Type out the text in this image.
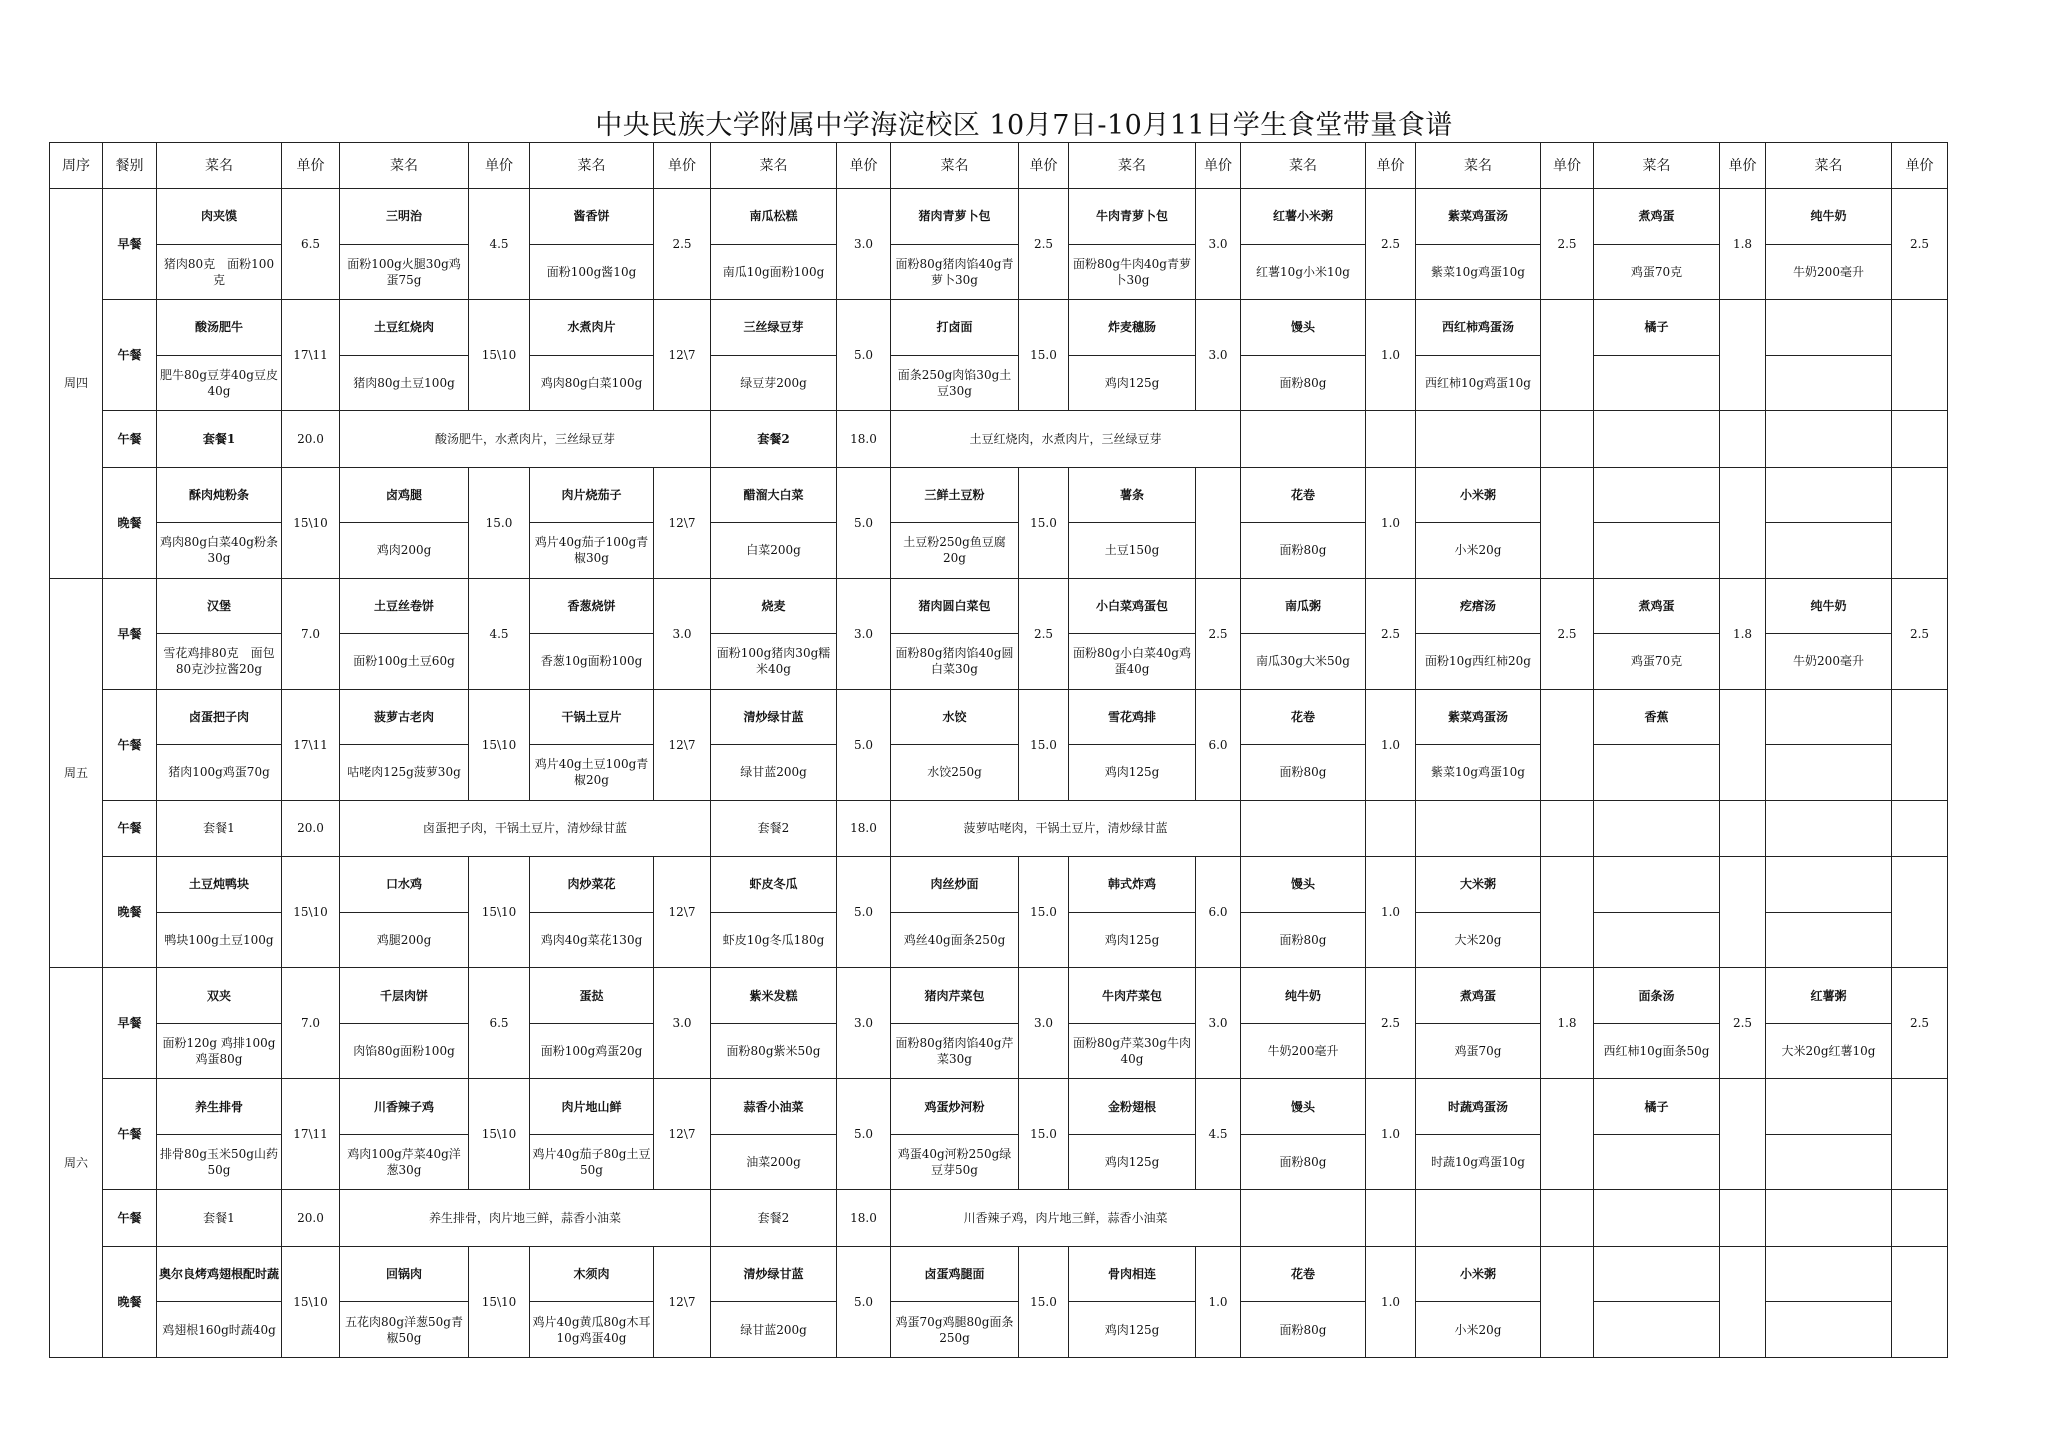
中央民族大学附属中学海淀校区 10月7日-10月11日学生食堂带量食谱
周序	餐别	菜名	单价	菜名	单价	菜名	单价	菜名	单价	菜名	单价	菜名	单价	菜名	单价	菜名	单价	菜名	单价	菜名	单价
周四	早餐	肉夹馍	6.5	三明治	4.5	酱香饼	2.5	南瓜松糕	3.0	猪肉青萝卜包	2.5	牛肉青萝卜包	3.0	红薯小米粥	2.5	紫菜鸡蛋汤	2.5	煮鸡蛋	1.8	纯牛奶	2.5
		猪肉80克　面粉100克		面粉100g火腿30g鸡蛋75g		面粉100g酱10g		南瓜10g面粉100g		面粉80g猪肉馅40g青萝卜30g		面粉80g牛肉40g青萝卜30g		红薯10g小米10g		紫菜10g鸡蛋10g		鸡蛋70克		牛奶200毫升	
	午餐	酸汤肥牛	17\11	土豆红烧肉	15\10	水煮肉片	12\7	三丝绿豆芽	5.0	打卤面	15.0	炸麦穗肠	3.0	馒头	1.0	西红柿鸡蛋汤		橘子			
		肥牛80g豆芽40g豆皮40g		猪肉80g土豆100g		鸡肉80g白菜100g		绿豆芽200g		面条250g肉馅30g土豆30g		鸡肉125g		面粉80g		西红柿10g鸡蛋10g					
	午餐	套餐1	20.0	酸汤肥牛，水煮肉片，三丝绿豆芽				套餐2	18.0	土豆红烧肉，水煮肉片，三丝绿豆芽											
	晚餐	酥肉炖粉条	15\10	卤鸡腿	15.0	肉片烧茄子	12\7	醋溜大白菜	5.0	三鲜土豆粉	15.0	薯条		花卷	1.0	小米粥					
		鸡肉80g白菜40g粉条30g		鸡肉200g		鸡片40g茄子100g青椒30g		白菜200g		土豆粉250g鱼豆腐20g		土豆150g		面粉80g		小米20g					
周五	早餐	汉堡	7.0	土豆丝卷饼	4.5	香葱烧饼	3.0	烧麦	3.0	猪肉圆白菜包	2.5	小白菜鸡蛋包	2.5	南瓜粥	2.5	疙瘩汤	2.5	煮鸡蛋	1.8	纯牛奶	2.5
		雪花鸡排80克　面包80克沙拉酱20g		面粉100g土豆60g		香葱10g面粉100g		面粉100g猪肉30g糯米40g		面粉80g猪肉馅40g圆白菜30g		面粉80g小白菜40g鸡蛋40g		南瓜30g大米50g		面粉10g西红柿20g		鸡蛋70克		牛奶200毫升	
	午餐	卤蛋把子肉	17\11	菠萝古老肉	15\10	干锅土豆片	12\7	清炒绿甘蓝	5.0	水饺	15.0	雪花鸡排	6.0	花卷	1.0	紫菜鸡蛋汤		香蕉			
		猪肉100g鸡蛋70g		咕咾肉125g菠萝30g		鸡片40g土豆100g青椒20g		绿甘蓝200g		水饺250g		鸡肉125g		面粉80g		紫菜10g鸡蛋10g					
	午餐	套餐1	20.0	卤蛋把子肉，干锅土豆片，清炒绿甘蓝				套餐2	18.0	菠萝咕咾肉，干锅土豆片，清炒绿甘蓝											
	晚餐	土豆炖鸭块	15\10	口水鸡	15\10	肉炒菜花	12\7	虾皮冬瓜	5.0	肉丝炒面	15.0	韩式炸鸡	6.0	馒头	1.0	大米粥					
		鸭块100g土豆100g		鸡腿200g		鸡肉40g菜花130g		虾皮10g冬瓜180g		鸡丝40g面条250g		鸡肉125g		面粉80g		大米20g					
周六	早餐	双夹	7.0	千层肉饼	6.5	蛋挞	3.0	紫米发糕	3.0	猪肉芹菜包	3.0	牛肉芹菜包	3.0	纯牛奶	2.5	煮鸡蛋	1.8	面条汤	2.5	红薯粥	2.5
		面粉120g 鸡排100g鸡蛋80g		肉馅80g面粉100g		面粉100g鸡蛋20g		面粉80g紫米50g		面粉80g猪肉馅40g芹菜30g		面粉80g芹菜30g牛肉40g		牛奶200毫升		鸡蛋70g		西红柿10g面条50g		大米20g红薯10g	
	午餐	养生排骨	17\11	川香辣子鸡	15\10	肉片地山鲜	12\7	蒜香小油菜	5.0	鸡蛋炒河粉	15.0	金粉翅根	4.5	馒头	1.0	时蔬鸡蛋汤		橘子			
		排骨80g玉米50g山药50g		鸡肉100g芹菜40g洋葱30g		鸡片40g茄子80g土豆50g		油菜200g		鸡蛋40g河粉250g绿豆芽50g		鸡肉125g		面粉80g		时蔬10g鸡蛋10g					
	午餐	套餐1	20.0	养生排骨，肉片地三鲜，蒜香小油菜				套餐2	18.0	川香辣子鸡，肉片地三鲜，蒜香小油菜											
	晚餐	奥尔良烤鸡翅根配时蔬	15\10	回锅肉	15\10	木须肉	12\7	清炒绿甘蓝	5.0	卤蛋鸡腿面	15.0	骨肉相连	1.0	花卷	1.0	小米粥					
		鸡翅根160g时蔬40g		五花肉80g洋葱50g青椒50g		鸡片40g黄瓜80g木耳10g鸡蛋40g		绿甘蓝200g		鸡蛋70g鸡腿80g面条250g		鸡肉125g		面粉80g		小米20g					
